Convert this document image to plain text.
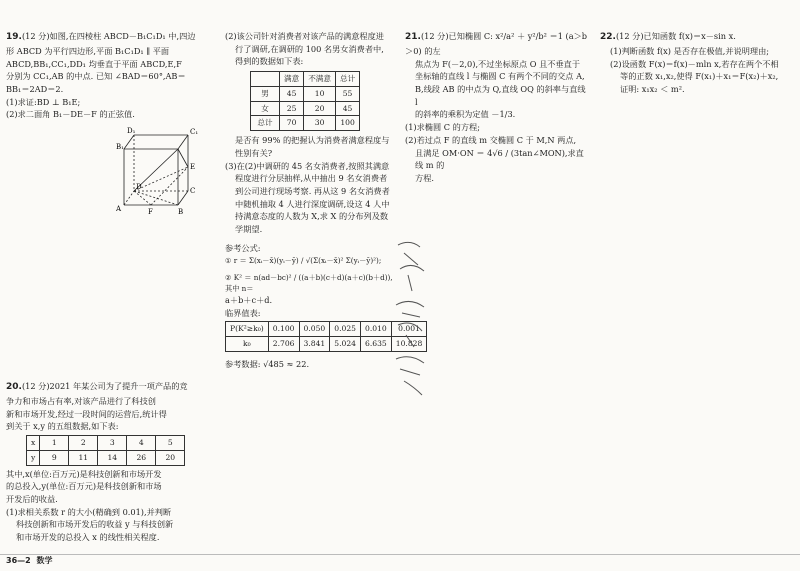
19.(12 分)如图,在四棱柱 ABCD－B₁C₁D₁ 中,四边

形 ABCD 为平行四边形,平面 B₁C₁D₁ ∥ 平面

ABCD,BB₁,CC₁,DD₁ 均垂直于平面 ABCD,E,F

分别为 CC₁,AB 的中点. 已知 ∠BAD＝60°,AB＝

BB₁＝2AD＝2.

(1)求证:BD ⊥ B₁E;

(2)求二面角 B₁－DE－F 的正弦值.

D₁	C₁
B₁
D	C
E
A	F	B

20.(12 分)2021 年某公司为了提升一项产品的竞

争力和市场占有率,对该产品进行了科技创

新和市场开发,经过一段时间的运营后,统计得

到关于 x,y 的五组数据,如下表:

x	1	2	3	4	5
y	9	11	14	26	20

其中,x(单位:百万元)是科技创新和市场开发

的总投入,y(单位:百万元)是科技创新和市场

开发后的收益.

(1)求相关系数 r 的大小(精确到 0.01),并判断

科技创新和市场开发后的收益 y 与科技创新

和市场开发的总投入 x 的线性相关程度.

(2)该公司针对消费者对该产品的满意程度进

行了调研,在调研的 100 名男女消费者中,

得到的数据如下表:

	满意	不满意	总计
男	45	10	55
女	25	20	45
总计	70	30	100

是否有 99% 的把握认为消费者满意程度与

性别有关?

(3)在(2)中调研的 45 名女消费者,按照其满意

程度进行分层抽样,从中抽出 9 名女消费者

到公司进行现场考察. 再从这 9 名女消费者

中随机抽取 4 人进行深度调研,设这 4 人中

持满意态度的人数为 X,求 X 的分布列及数

学期望.

参考公式:

① r ＝ Σ(xᵢ－x̄)(yᵢ－ȳ) / √(Σ(xᵢ－x̄)² Σ(yᵢ－ȳ)²);

② K² ＝ n(ad－bc)² / ((a＋b)(c＋d)(a＋c)(b＋d)), 其中 n＝

a＋b＋c＋d.

临界值表:

P(K²≥k₀)	0.100	0.050	0.025	0.010	0.001
k₀	2.706	3.841	5.024	6.635	10.828

参考数据: √485 ≈ 22.

21.(12 分)已知椭圆 C: x²/a² ＋ y²/b² ＝1 (a＞b＞0) 的左

焦点为 F(－2,0),不过坐标原点 O 且不垂直于

坐标轴的直线 l 与椭圆 C 有两个不同的交点 A,

B,线段 AB 的中点为 Q,直线 OQ 的斜率与直线 l

的斜率的乘积为定值 －1/3.

(1)求椭圆 C 的方程;

(2)若过点 F 的直线 m 交椭圆 C 于 M,N 两点,

且满足 OM·ON ＝ 4√6 / (3tan∠MON),求直线 m 的

方程.

22.(12 分)已知函数 f(x)＝x－sin x.

(1)判断函数 f(x) 是否存在极值,并说明理由;

(2)设函数 F(x)＝f(x)－mln x,若存在两个不相

等的正数 x₁,x₂,使得 F(x₁)＋x₁＝F(x₂)＋x₂,

证明: x₁x₂ ＜ m².

36—2 数学
